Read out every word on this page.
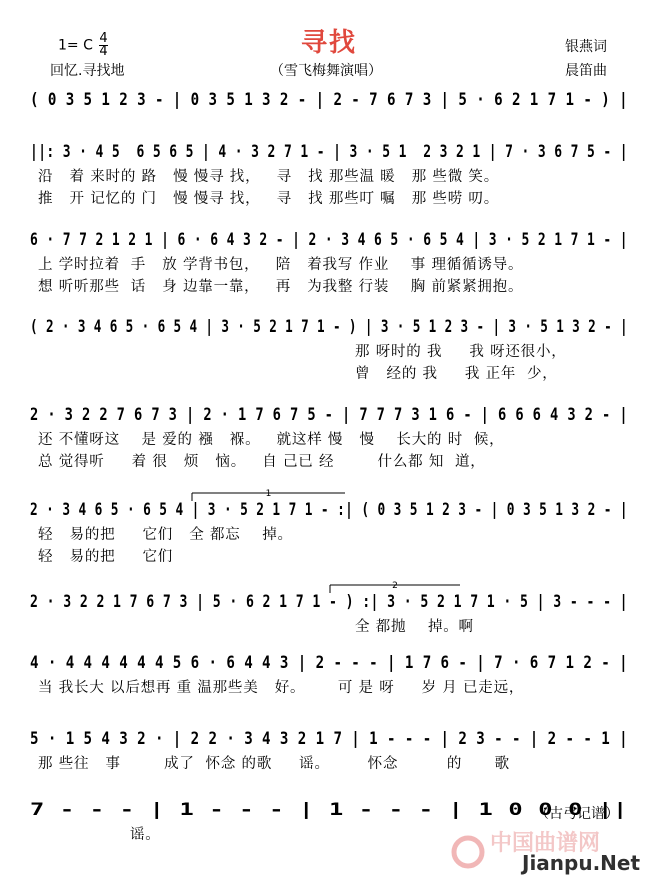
1= C $\frac{4}{4}$	寻找
回忆.寻找地	（雪飞梅舞演唱）
银燕词
晨笛曲
1
2
( 0 3 5 1 2 3 - | 0 3 5 1 3 2 - | 2 - 7 6 7 3 | 5 · 6 2 1 7 1 - ) |
||: 3 · 4 5  6 5 6 5 | 4 · 3 2 7 1 - | 3 · 5 1  2 3 2 1 | 7 · 3 6 7 5 - |
沿   着 来时的 路   慢 慢寻 找，   寻   找 那些温 暖   那 些微 笑。
推   开 记忆的 门   慢 慢寻 找，   寻   找 那些叮 嘱   那 些唠 叨。
6 · 7 7 2 1 2 1 | 6 · 6 4 3 2 - | 2 · 3 4 6 5 · 6 5 4 | 3 · 5 2 1 7 1 - |
上 学时拉着  手   放 学背书包，   陪   着我写 作业    事 理循循诱导。
想 听听那些  话   身 边靠一靠，   再   为我整 行装    胸 前紧紧拥抱。
( 2 · 3 4 6 5 · 6 5 4 | 3 · 5 2 1 7 1 - ) | 3 · 5 1 2 3 - | 3 · 5 1 3 2 - |
那 呀时的 我     我 呀还很小，
曾   经的 我     我 正年  少，
2 · 3 2 2 7 6 7 3 | 2 · 1 7 6 7 5 - | 7 7 7 3 1 6 - | 6 6 6 4 3 2 - |
还 不懂呀这    是 爱的 襁   褓。   就这样 慢   慢    长大的 时  候，
总 觉得听     着 很   烦   恼。   自 己已 经        什么都 知  道，
2 · 3 4 6 5 · 6 5 4 | 3 · 5 2 1 7 1 - :| ( 0 3 5 1 2 3 - | 0 3 5 1 3 2 - |
轻   易的把     它们   全 都忘    掉。
轻   易的把     它们
2 · 3 2 2 1 7 6 7 3 | 5 · 6 2 1 7 1 - ) :| 3 · 5 2 1 7 1 · 5 | 3 - - - |
全 都抛    掉。啊
4 · 4 4 4 4 4 4 5 6 · 6 4 4 3 | 2 - - - | 1 7 6 - | 7 · 6 7 1 2 - |
当 我长大 以后想再 重 温那些美   好。      可 是 呀     岁 月 已走远，
5 · 1 5 4 3 2 · | 2 2 · 3 4 3 2 1 7 | 1 - - - | 2 3 - - | 2 - - 1 |
那 些往   事        成了  怀念 的歌     谣。       怀念         的      歌
7 - - - | 1 - - - | 1 - - - | 1 0 0 0 ||
谣。
（古弓记谱）
中国曲谱网
Jianpu.Net
